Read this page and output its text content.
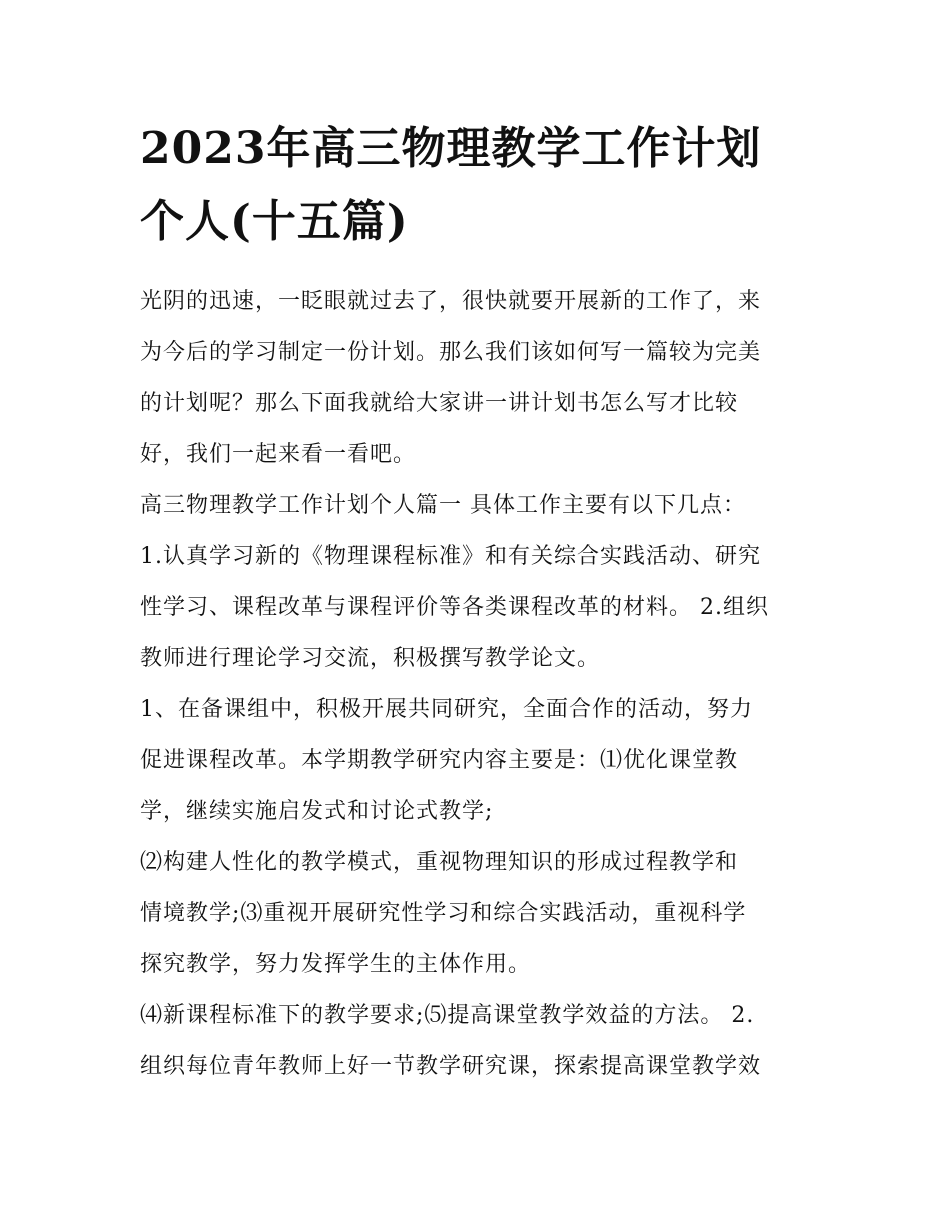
2023年高三物理教学工作计划
个人(十五篇)

光阴的迅速，一眨眼就过去了，很快就要开展新的工作了，来
为今后的学习制定一份计划。那么我们该如何写一篇较为完美
的计划呢？那么下面我就给大家讲一讲计划书怎么写才比较
好，我们一起来看一看吧。

高三物理教学工作计划个人篇一 具体工作主要有以下几点：

1.认真学习新的《物理课程标准》和有关综合实践活动、研究
性学习、课程改革与课程评价等各类课程改革的材料。 2.组织
教师进行理论学习交流，积极撰写教学论文。

1、在备课组中，积极开展共同研究，全面合作的活动，努力
促进课程改革。本学期教学研究内容主要是：⑴优化课堂教
学，继续实施启发式和讨论式教学;

⑵构建人性化的教学模式，重视物理知识的形成过程教学和
情境教学;⑶重视开展研究性学习和综合实践活动，重视科学
探究教学，努力发挥学生的主体作用。

⑷新课程标准下的教学要求;⑸提高课堂教学效益的方法。 2.
组织每位青年教师上好一节教学研究课，探索提高课堂教学效
